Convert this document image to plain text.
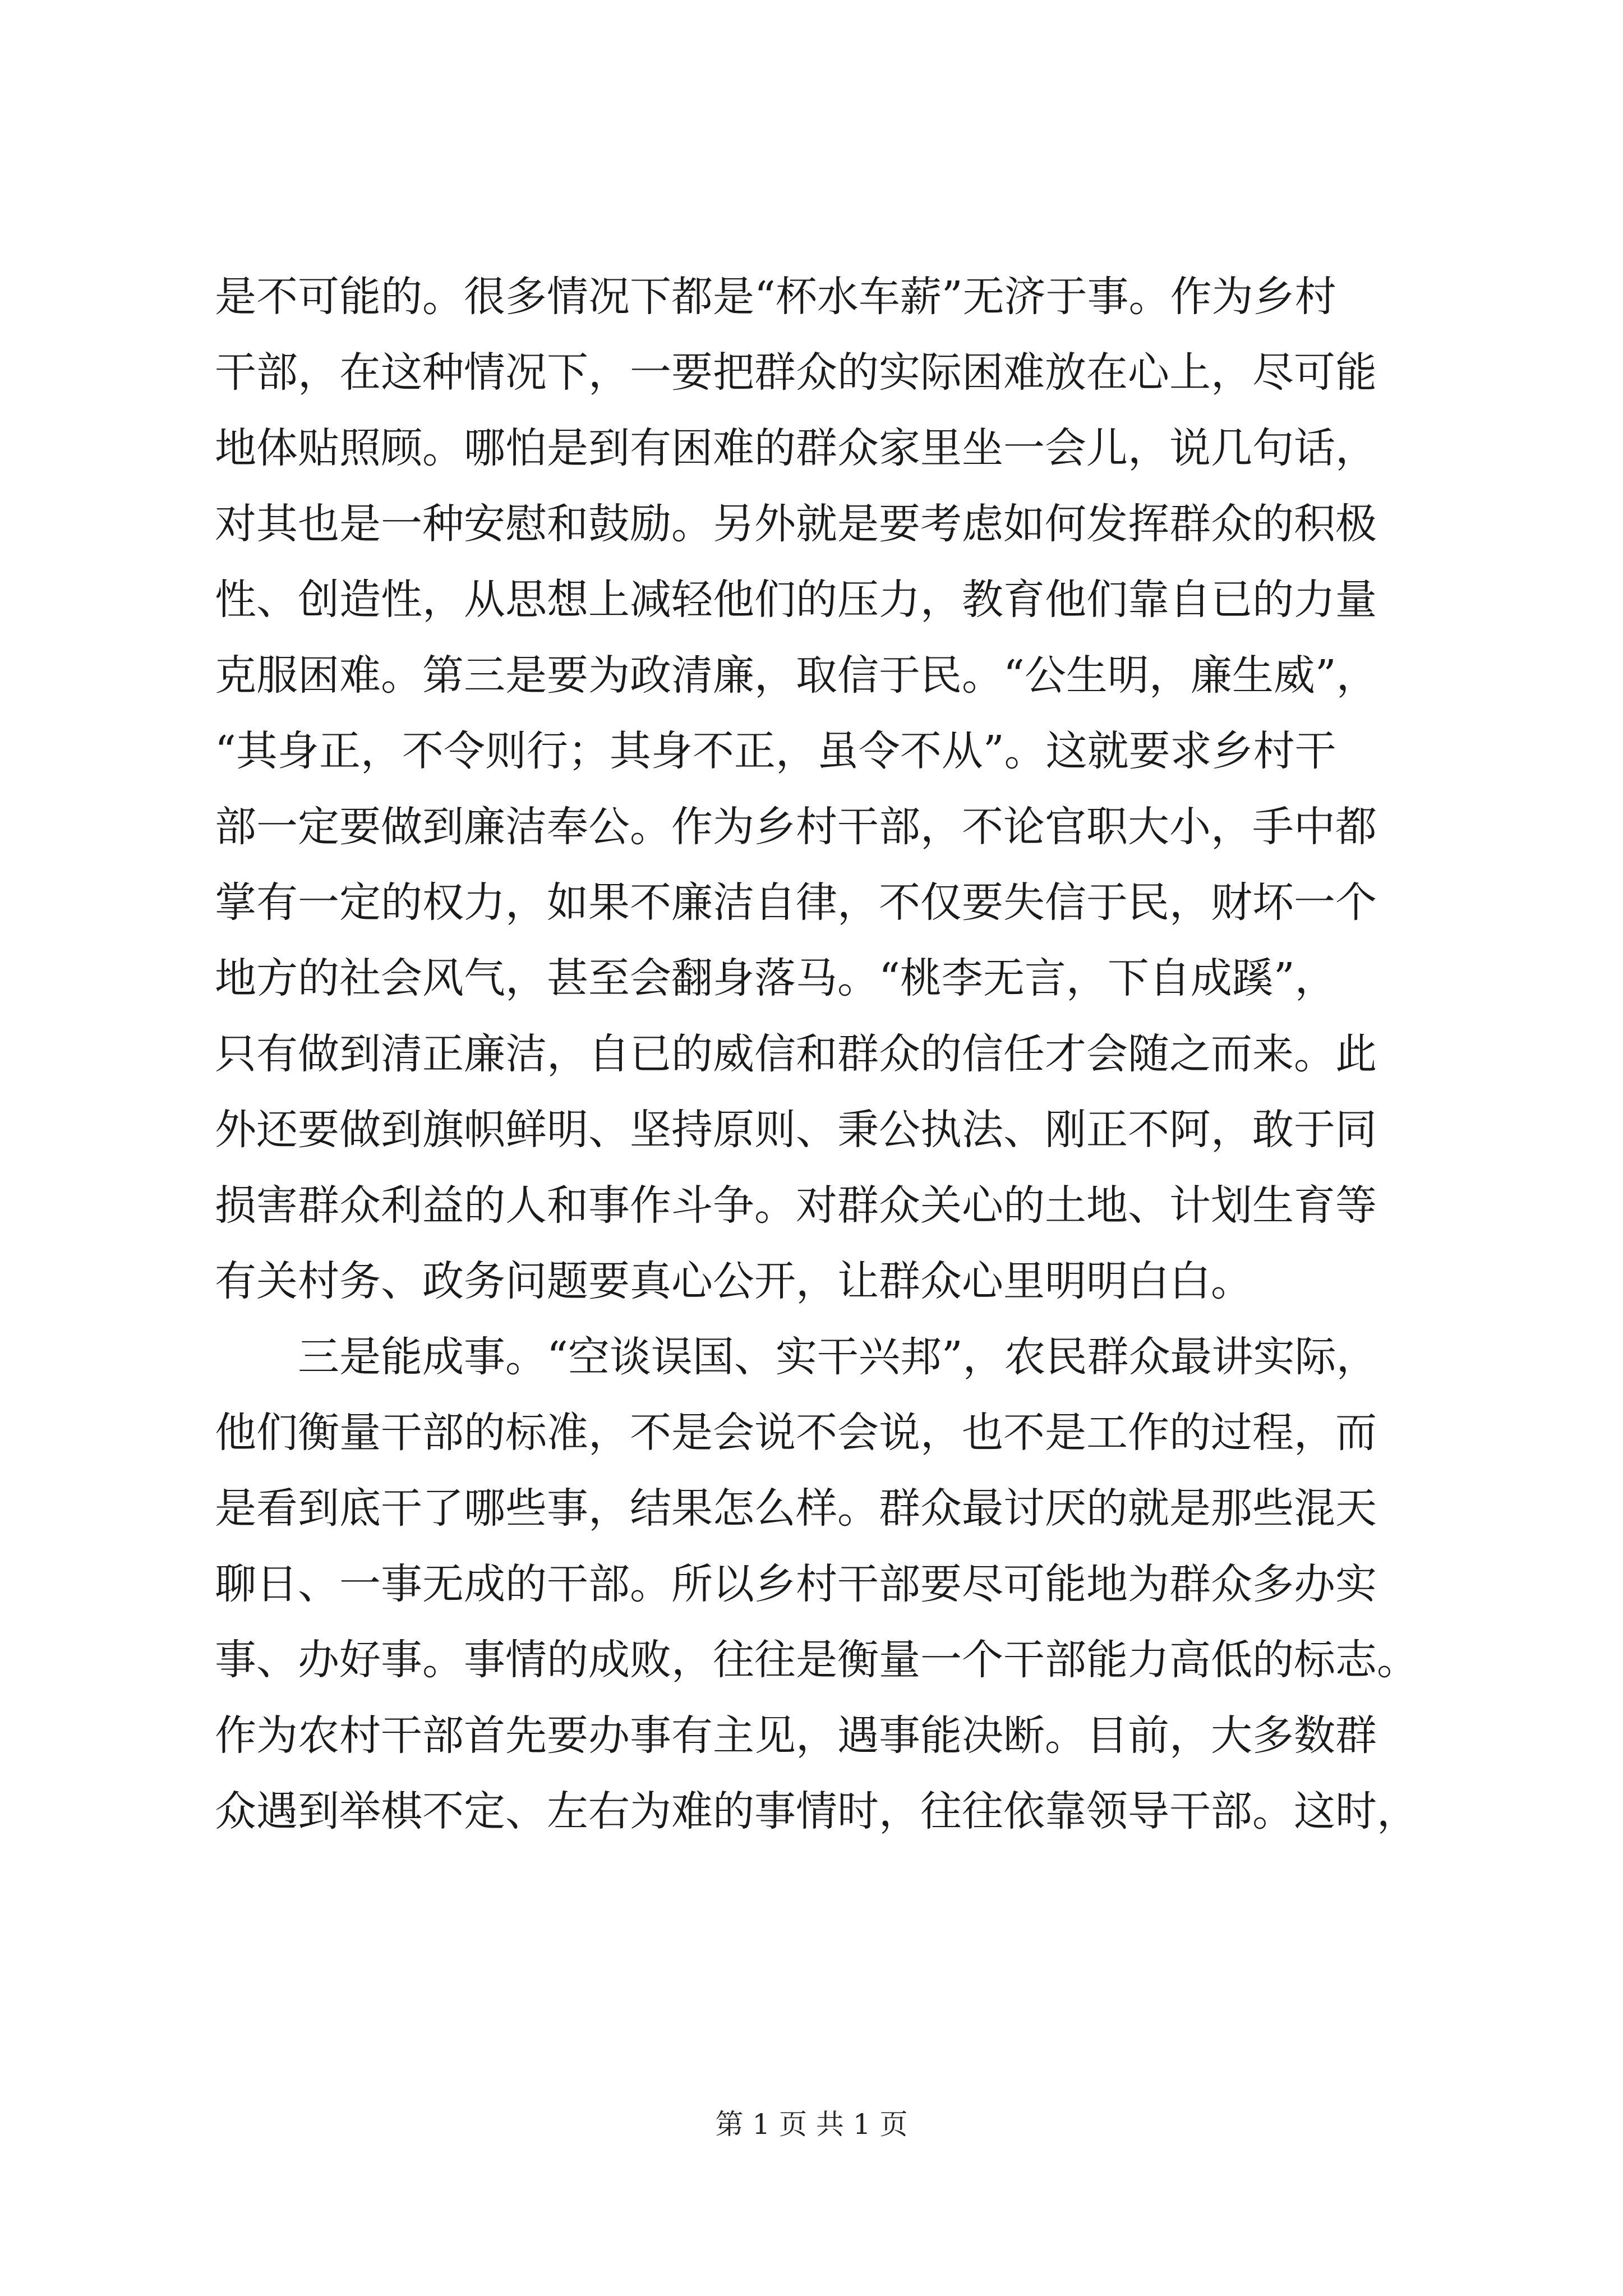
是不可能的。很多情况下都是“杯水车薪”无济于事。作为乡村
干部，在这种情况下，一要把群众的实际困难放在心上，尽可能
地体贴照顾。哪怕是到有困难的群众家里坐一会儿，说几句话，
对其也是一种安慰和鼓励。另外就是要考虑如何发挥群众的积极
性、创造性，从思想上减轻他们的压力，教育他们靠自已的力量
克服困难。第三是要为政清廉，取信于民。“公生明，廉生威”，
“其身正，不令则行；其身不正，虽令不从”。这就要求乡村干
部一定要做到廉洁奉公。作为乡村干部，不论官职大小，手中都
掌有一定的权力，如果不廉洁自律，不仅要失信于民，财坏一个
地方的社会风气，甚至会翻身落马。“桃李无言，下自成蹊”，
只有做到清正廉洁，自已的威信和群众的信任才会随之而来。此
外还要做到旗帜鲜明、坚持原则、秉公执法、刚正不阿，敢于同
损害群众利益的人和事作斗争。对群众关心的土地、计划生育等
有关村务、政务问题要真心公开，让群众心里明明白白。
　　三是能成事。“空谈误国、实干兴邦”，农民群众最讲实际，
他们衡量干部的标准，不是会说不会说，也不是工作的过程，而
是看到底干了哪些事，结果怎么样。群众最讨厌的就是那些混天
聊日、一事无成的干部。所以乡村干部要尽可能地为群众多办实
事、办好事。事情的成败，往往是衡量一个干部能力高低的标志。
作为农村干部首先要办事有主见，遇事能决断。目前，大多数群
众遇到举棋不定、左右为难的事情时，往往依靠领导干部。这时，
第 1 页 共 1 页
